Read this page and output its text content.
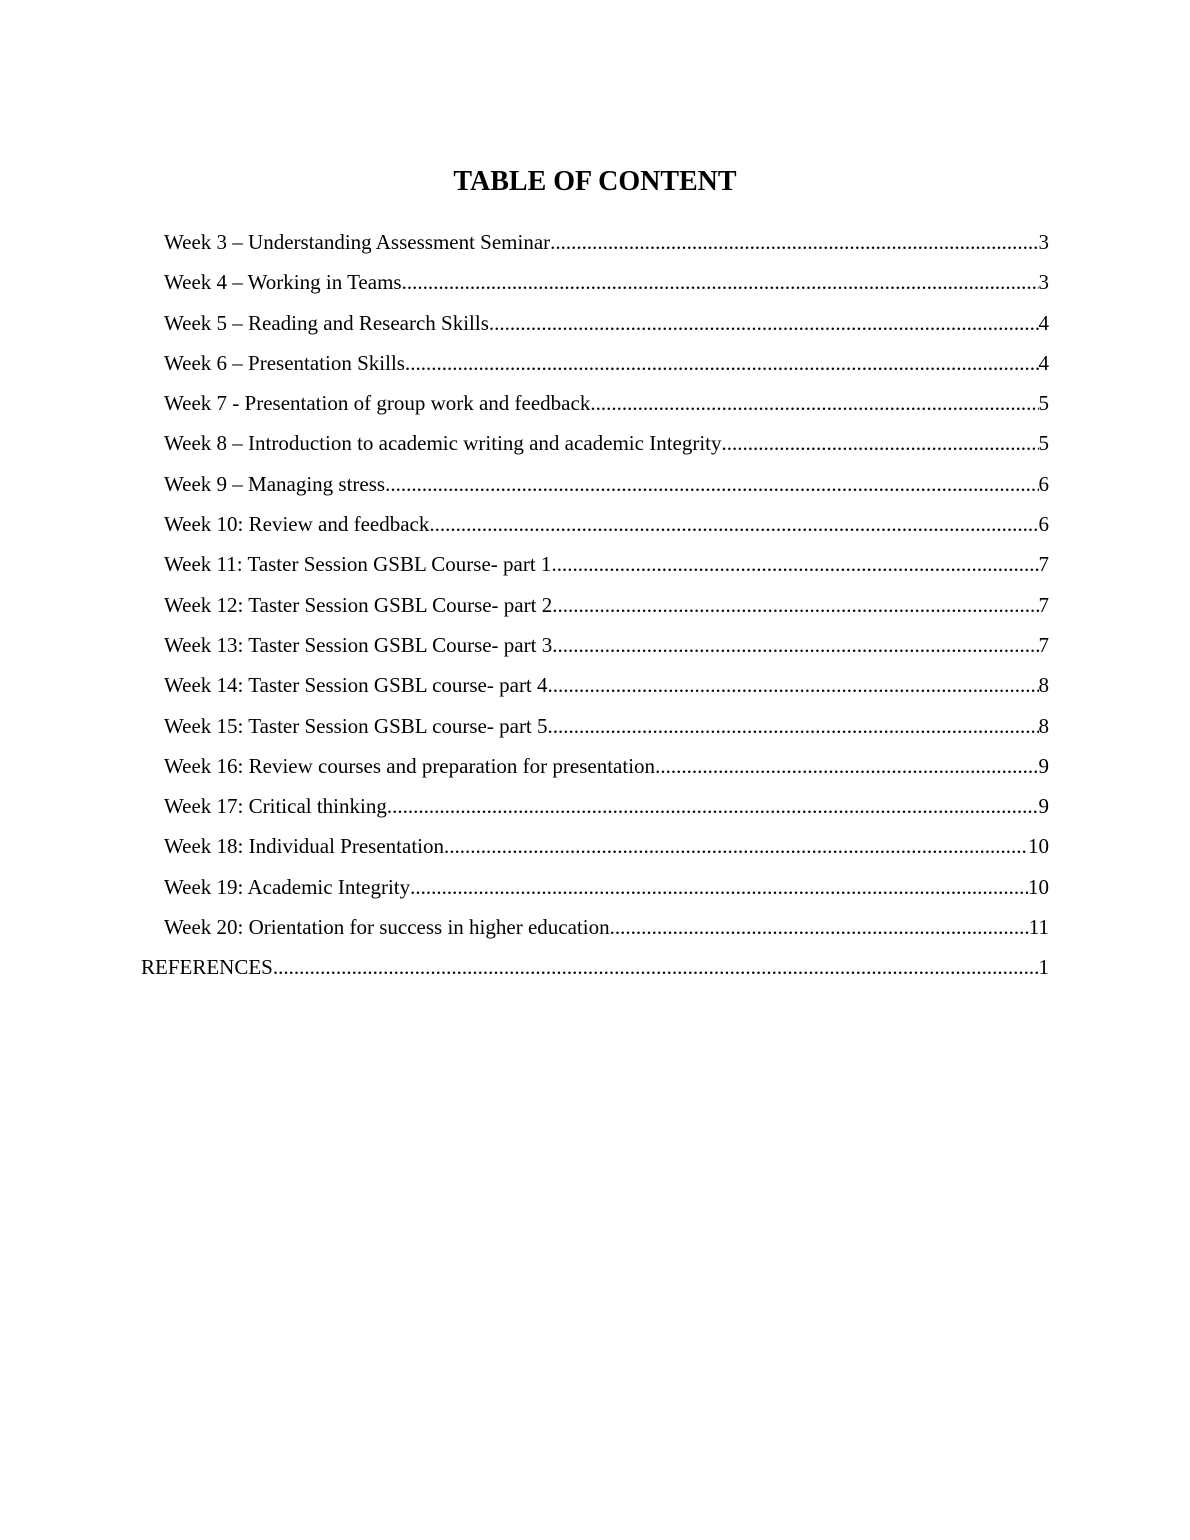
TABLE OF CONTENT
Week 3 – Understanding Assessment Seminar .....	3
Week 4 – Working in Teams .....	3
Week 5 – Reading and Research Skills .....	4
Week 6 – Presentation Skills .....	4
Week 7 - Presentation of group work and feedback .....	5
Week 8 – Introduction to academic writing and academic Integrity .....	5
Week 9 – Managing stress .....	6
Week 10: Review and feedback .....	6
Week 11: Taster Session GSBL Course- part 1 .....	7
Week 12: Taster Session GSBL Course- part 2 .....	7
Week 13: Taster Session GSBL Course- part 3 .....	7
Week 14: Taster Session GSBL course- part 4 .....	8
Week 15: Taster Session GSBL course- part 5 .....	8
Week 16: Review courses and preparation for presentation .....	9
Week 17: Critical thinking .....	9
Week 18: Individual Presentation .....	10
Week 19: Academic Integrity .....	10
Week 20: Orientation for success in higher education .....	11
REFERENCES .....	1
